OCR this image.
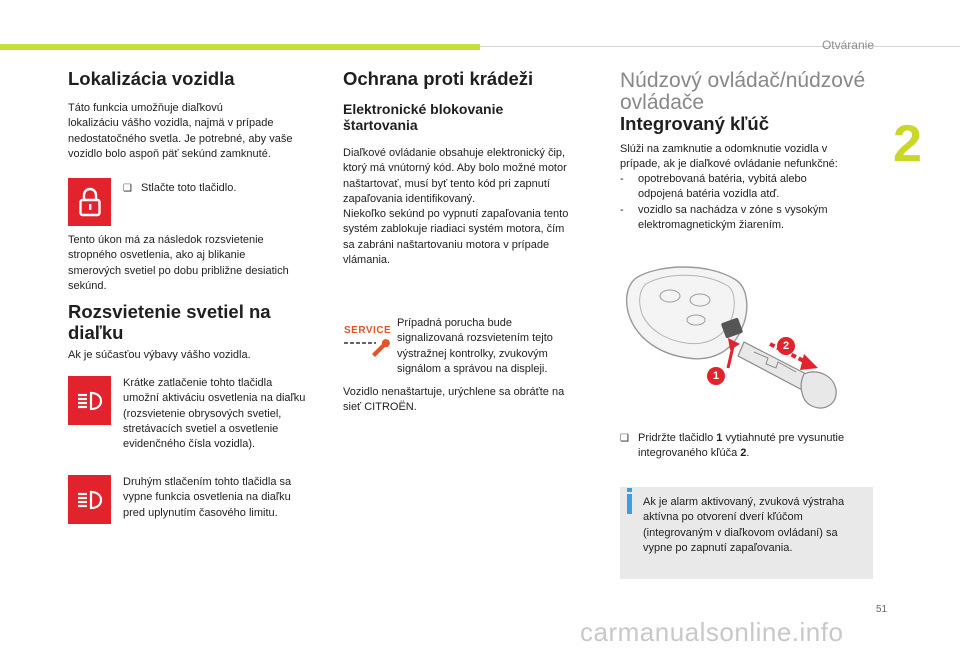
Otváranie
2
Lokalizácia vozidla
Táto funkcia umožňuje diaľkovú
lokalizáciu vášho vozidla, najmä v prípade
nedostatočného svetla. Je potrebné, aby vaše
vozidlo bolo aspoň päť sekúnd zamknuté.
❑ Stlačte toto tlačidlo.
Tento úkon má za následok rozsvietenie
stropného osvetlenia, ako aj blikanie
smerových svetiel po dobu približne desiatich
sekúnd.
Rozsvietenie svetiel na
diaľku
Ak je súčasťou výbavy vášho vozidla.
Krátke zatlačenie tohto tlačidla
umožní aktiváciu osvetlenia na diaľku
(rozsvietenie obrysových svetiel,
stretávacích svetiel a osvetlenie
evidenčného čísla vozidla).
Druhým stlačením tohto tlačidla sa
vypne funkcia osvetlenia na diaľku
pred uplynutím časového limitu.
Ochrana proti krádeži
Elektronické blokovanie
štartovania
Diaľkové ovládanie obsahuje elektronický čip,
ktorý má vnútorný kód. Aby bolo možné motor
naštartovať, musí byť tento kód pri zapnutí
zapaľovania identifikovaný.
Niekoľko sekúnd po vypnutí zapaľovania tento
systém zablokuje riadiaci systém motora, čím
sa zabráni naštartovaniu motora v prípade
vlámania.
SERVICE
Prípadná porucha bude
signalizovaná rozsvietením tejto
výstražnej kontrolky, zvukovým
signálom a správou na displeji.
Vozidlo nenaštartuje, urýchlene sa obráťte na
sieť CITROËN.
Núdzový ovládač/núdzové
ovládače
Integrovaný kľúč
Slúži na zamknutie a odomknutie vozidla v
prípade, ak je diaľkové ovládanie nefunkčné:
- opotrebovaná batéria, vybitá alebo
odpojená batéria vozidla atď.
- vozidlo sa nachádza v zóne s vysokým
elektromagnetickým žiarením.
1
2
❑ Pridržte tlačidlo 1 vytiahnuté pre vysunutie
integrovaného kľúča 2.
Ak je alarm aktivovaný, zvuková výstraha
aktívna po otvorení dverí kľúčom
(integrovaným v diaľkovom ovládaní) sa
vypne po zapnutí zapaľovania.
51
carmanualsonline.info
